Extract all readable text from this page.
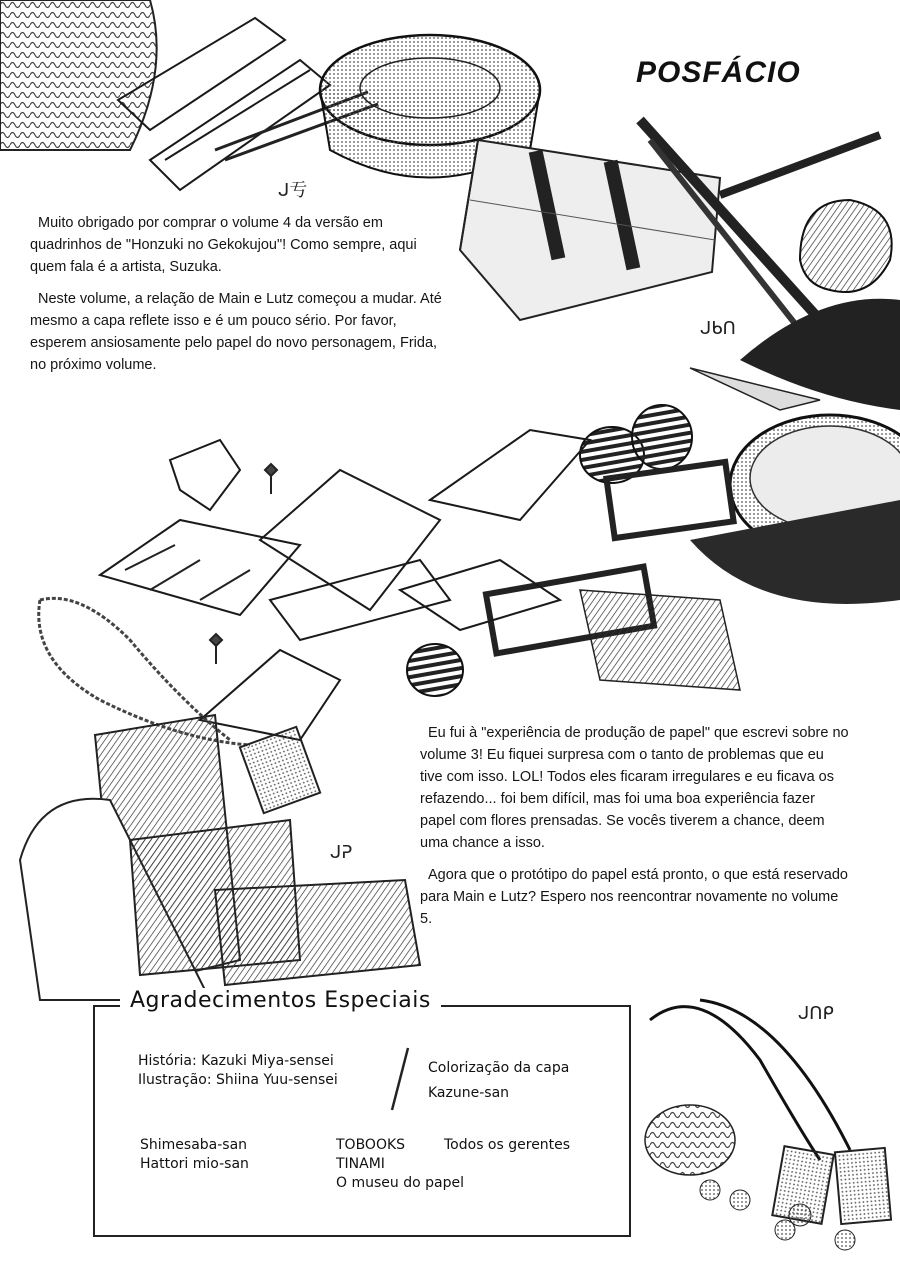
POSFÁCIO
ᒍ亐
ᒍᑲᑎ
ᒍᕈ
ᒍᑎᑭ

Muito obrigado por comprar o volume 4 da versão em quadrinhos de "Honzuki no Gekokujou"! Como sempre, aqui quem fala é a artista, Suzuka.

Neste volume, a relação de Main e Lutz começou a mudar. Até mesmo a capa reflete isso e é um pouco sério. Por favor, esperem ansiosamente pelo papel do novo personagem, Frida, no próximo volume.

Eu fui à "experiência de produção de papel" que escrevi sobre no volume 3! Eu fiquei surpresa com o tanto de problemas que eu tive com isso. LOL! Todos eles ficaram irregulares e eu ficava os refazendo... foi bem difícil, mas foi uma boa experiência fazer papel com flores prensadas. Se vocês tiverem a chance, deem uma chance a isso.

Agora que o protótipo do papel está pronto, o que está reservado para Main e Lutz? Espero nos reencontrar novamente no volume 5.

Agradecimentos Especiais
História: Kazuki Miya-sensei
Ilustração: Shiina Yuu-sensei
Colorização da capa
Kazune-san
Shimesaba-san
Hattori mio-san
TOBOOKS
TINAMI
O museu do papel
Todos os gerentes
